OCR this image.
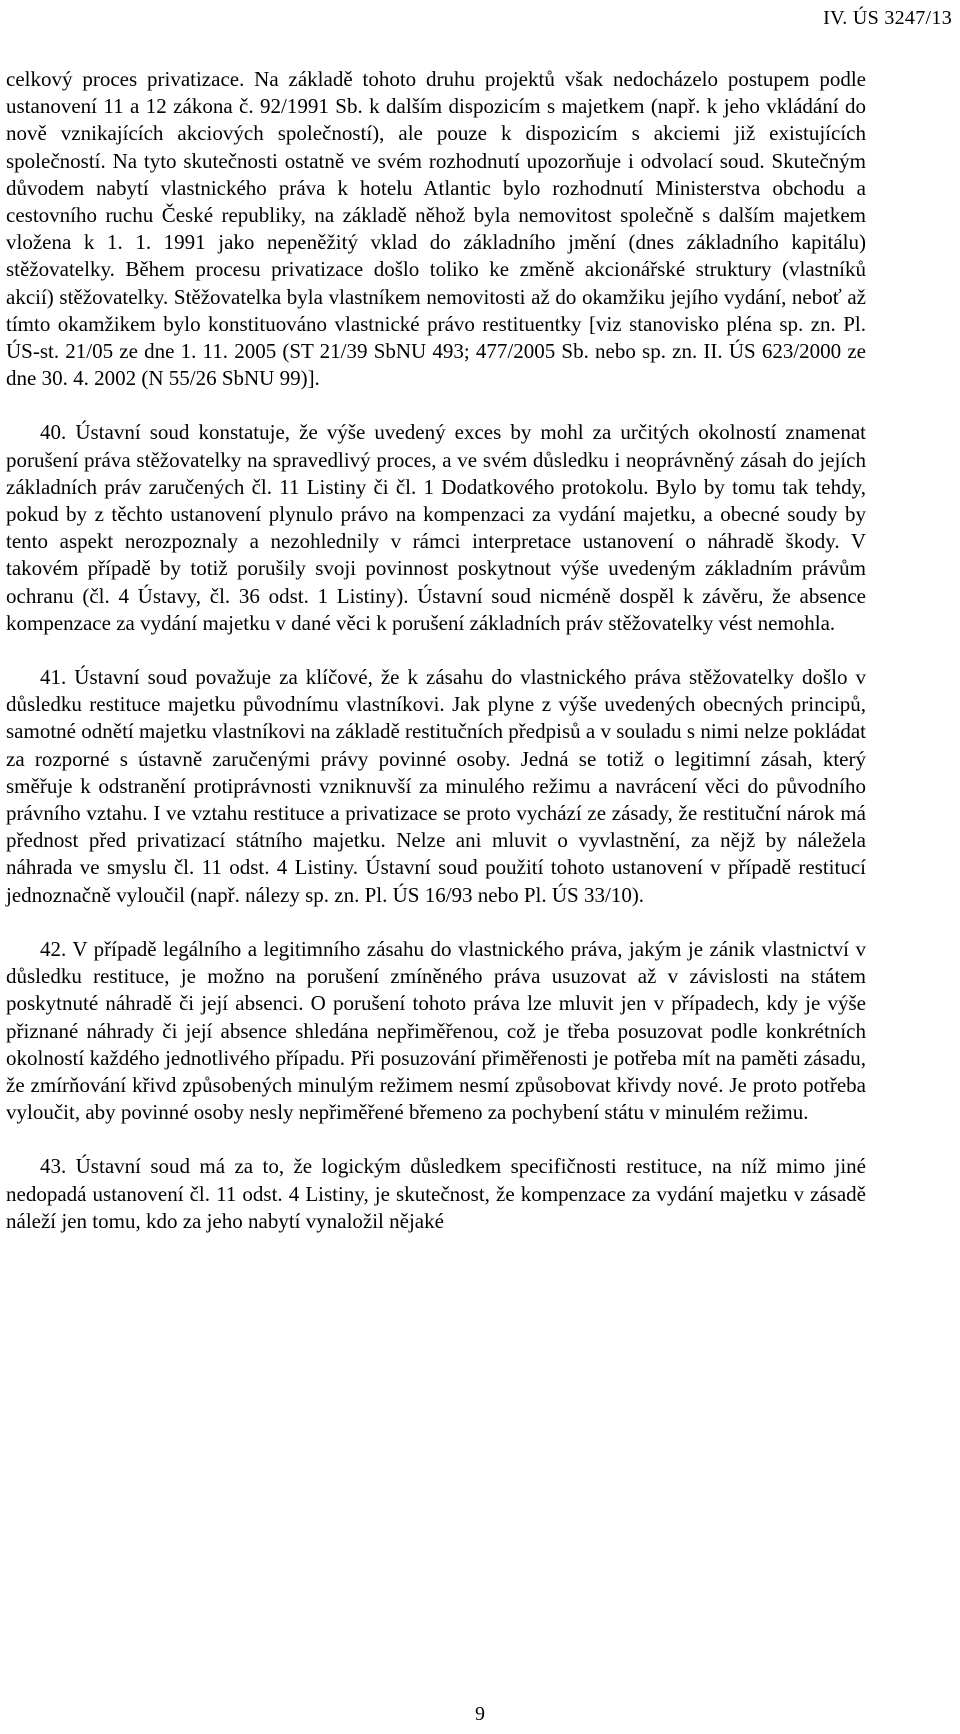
IV. ÚS 3247/13

celkový proces privatizace. Na základě tohoto druhu projektů však nedocházelo postupem podle ustanovení 11 a 12 zákona č. 92/1991 Sb. k dalším dispozicím s majetkem (např. k jeho vkládání do nově vznikajících akciových společností), ale pouze k dispozicím s akciemi již existujících společností. Na tyto skutečnosti ostatně ve svém rozhodnutí upozorňuje i odvolací soud. Skutečným důvodem nabytí vlastnického práva k hotelu Atlantic bylo rozhodnutí Ministerstva obchodu a cestovního ruchu České republiky, na základě něhož byla nemovitost společně s dalším majetkem vložena k 1. 1. 1991 jako nepeněžitý vklad do základního jmění (dnes základního kapitálu) stěžovatelky. Během procesu privatizace došlo toliko ke změně akcionářské struktury (vlastníků akcií) stěžovatelky. Stěžovatelka byla vlastníkem nemovitosti až do okamžiku jejího vydání, neboť až tímto okamžikem bylo konstituováno vlastnické právo restituentky [viz stanovisko pléna sp. zn. Pl. ÚS-st. 21/05 ze dne 1. 11. 2005 (ST 21/39 SbNU 493; 477/2005 Sb. nebo sp. zn. II. ÚS 623/2000 ze dne 30. 4. 2002 (N 55/26 SbNU 99)].

40. Ústavní soud konstatuje, že výše uvedený exces by mohl za určitých okolností znamenat porušení práva stěžovatelky na spravedlivý proces, a ve svém důsledku i neoprávněný zásah do jejích základních práv zaručených čl. 11 Listiny či čl. 1 Dodatkového protokolu. Bylo by tomu tak tehdy, pokud by z těchto ustanovení plynulo právo na kompenzaci za vydání majetku, a obecné soudy by tento aspekt nerozpoznaly a nezohlednily v rámci interpretace ustanovení o náhradě škody. V takovém případě by totiž porušily svoji povinnost poskytnout výše uvedeným základním právům ochranu (čl. 4 Ústavy, čl. 36 odst. 1 Listiny). Ústavní soud nicméně dospěl k závěru, že absence kompenzace za vydání majetku v dané věci k porušení základních práv stěžovatelky vést nemohla.

41. Ústavní soud považuje za klíčové, že k zásahu do vlastnického práva stěžovatelky došlo v důsledku restituce majetku původnímu vlastníkovi. Jak plyne z výše uvedených obecných principů, samotné odnětí majetku vlastníkovi na základě restitučních předpisů a v souladu s nimi nelze pokládat za rozporné s ústavně zaručenými právy povinné osoby. Jedná se totiž o legitimní zásah, který směřuje k odstranění protiprávnosti vzniknuvší za minulého režimu a navrácení věci do původního právního vztahu. I ve vztahu restituce a privatizace se proto vychází ze zásady, že restituční nárok má přednost před privatizací státního majetku. Nelze ani mluvit o vyvlastnění, za nějž by náležela náhrada ve smyslu čl. 11 odst. 4 Listiny. Ústavní soud použití tohoto ustanovení v případě restitucí jednoznačně vyloučil (např. nálezy sp. zn. Pl. ÚS 16/93 nebo Pl. ÚS 33/10).

42. V případě legálního a legitimního zásahu do vlastnického práva, jakým je zánik vlastnictví v důsledku restituce, je možno na porušení zmíněného práva usuzovat až v závislosti na státem poskytnuté náhradě či její absenci. O porušení tohoto práva lze mluvit jen v případech, kdy je výše přiznané náhrady či její absence shledána nepřiměřenou, což je třeba posuzovat podle konkrétních okolností každého jednotlivého případu. Při posuzování přiměřenosti je potřeba mít na paměti zásadu, že zmírňování křivd způsobených minulým režimem nesmí způsobovat křivdy nové. Je proto potřeba vyloučit, aby povinné osoby nesly nepřiměřené břemeno za pochybení státu v minulém režimu.

43. Ústavní soud má za to, že logickým důsledkem specifičnosti restituce, na níž mimo jiné nedopadá ustanovení čl. 11 odst. 4 Listiny, je skutečnost, že kompenzace za vydání majetku v zásadě náleží jen tomu, kdo za jeho nabytí vynaložil nějaké

9
